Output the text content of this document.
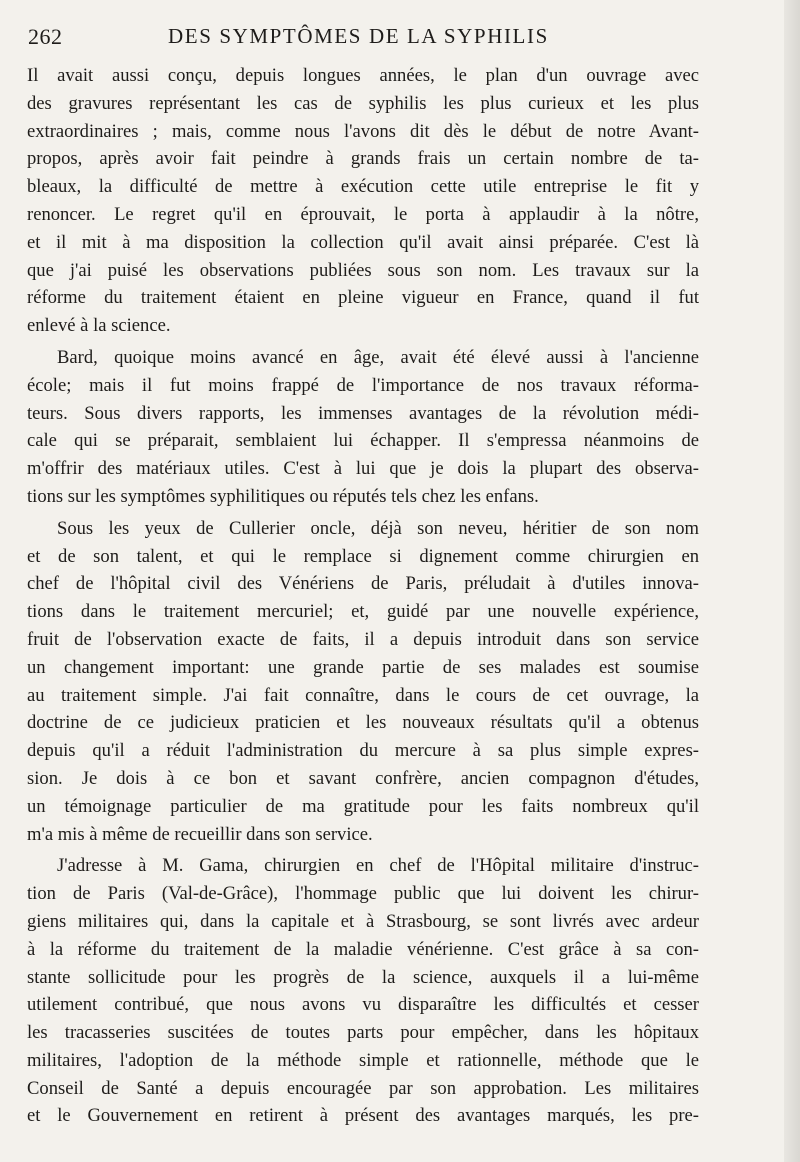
262	DES SYMPTÔMES DE LA SYPHILIS
Il avait aussi conçu, depuis longues années, le plan d'un ouvrage avec
des gravures représentant les cas de syphilis les plus curieux et les plus
extraordinaires ; mais, comme nous l'avons dit dès le début de notre Avant-
propos, après avoir fait peindre à grands frais un certain nombre de ta-
bleaux, la difficulté de mettre à exécution cette utile entreprise le fit y
renoncer. Le regret qu'il en éprouvait, le porta à applaudir à la nôtre,
et il mit à ma disposition la collection qu'il avait ainsi préparée. C'est là
que j'ai puisé les observations publiées sous son nom. Les travaux sur la
réforme du traitement étaient en pleine vigueur en France, quand il fut
enlevé à la science.
Bard, quoique moins avancé en âge, avait été élevé aussi à l'ancienne
école; mais il fut moins frappé de l'importance de nos travaux réforma-
teurs. Sous divers rapports, les immenses avantages de la révolution médi-
cale qui se préparait, semblaient lui échapper. Il s'empressa néanmoins de
m'offrir des matériaux utiles. C'est à lui que je dois la plupart des observa-
tions sur les symptômes syphilitiques ou réputés tels chez les enfans.
Sous les yeux de Cullerier oncle, déjà son neveu, héritier de son nom
et de son talent, et qui le remplace si dignement comme chirurgien en
chef de l'hôpital civil des Vénériens de Paris, préludait à d'utiles innova-
tions dans le traitement mercuriel; et, guidé par une nouvelle expérience,
fruit de l'observation exacte de faits, il a depuis introduit dans son service
un changement important: une grande partie de ses malades est soumise
au traitement simple. J'ai fait connaître, dans le cours de cet ouvrage, la
doctrine de ce judicieux praticien et les nouveaux résultats qu'il a obtenus
depuis qu'il a réduit l'administration du mercure à sa plus simple expres-
sion. Je dois à ce bon et savant confrère, ancien compagnon d'études,
un témoignage particulier de ma gratitude pour les faits nombreux qu'il
m'a mis à même de recueillir dans son service.
J'adresse à M. Gama, chirurgien en chef de l'Hôpital militaire d'instruc-
tion de Paris (Val-de-Grâce), l'hommage public que lui doivent les chirur-
giens militaires qui, dans la capitale et à Strasbourg, se sont livrés avec ardeur
à la réforme du traitement de la maladie vénérienne. C'est grâce à sa con-
stante sollicitude pour les progrès de la science, auxquels il a lui-même
utilement contribué, que nous avons vu disparaître les difficultés et cesser
les tracasseries suscitées de toutes parts pour empêcher, dans les hôpitaux
militaires, l'adoption de la méthode simple et rationnelle, méthode que le
Conseil de Santé a depuis encouragée par son approbation. Les militaires
et le Gouvernement en retirent à présent des avantages marqués, les pre-
